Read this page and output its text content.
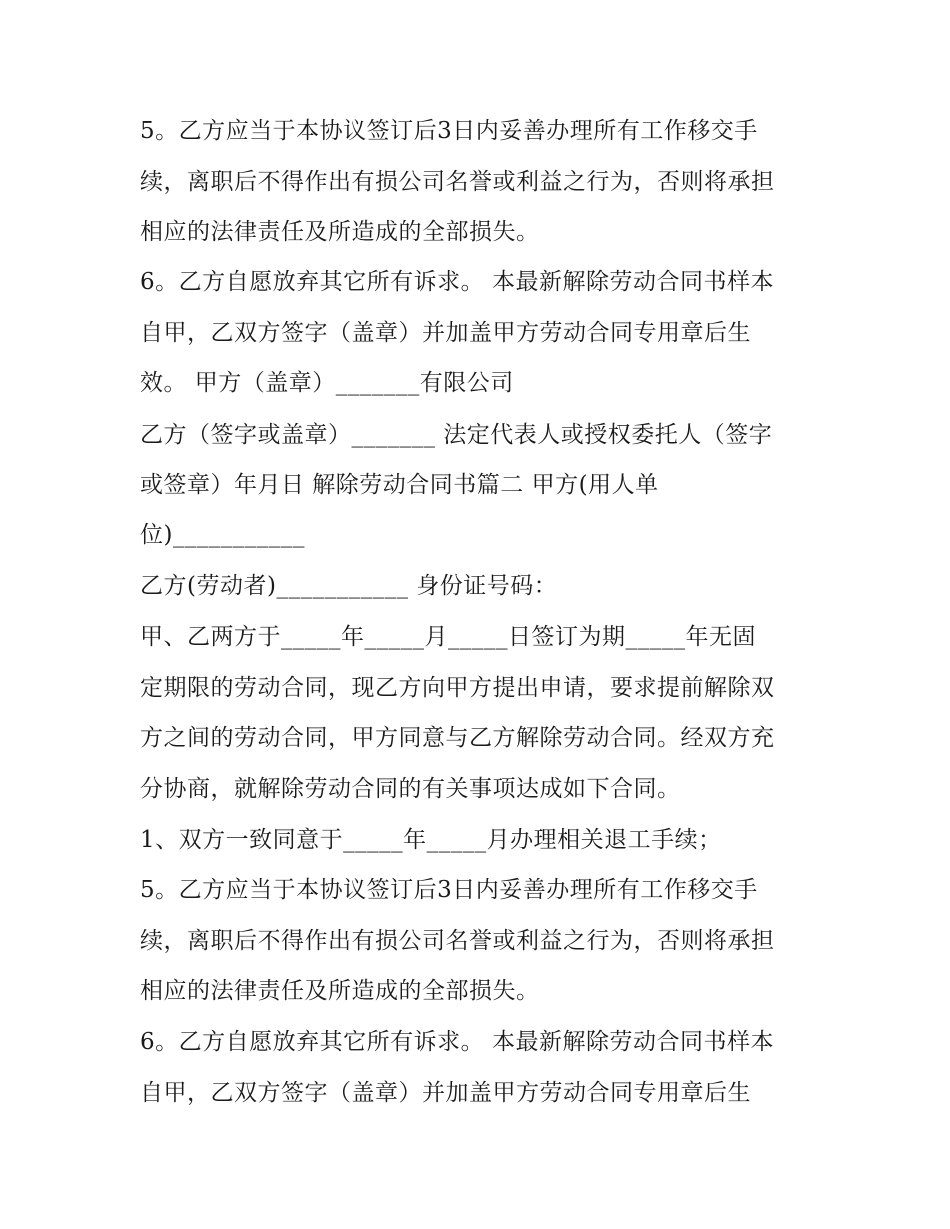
5。乙方应当于本协议签订后3日内妥善办理所有工作移交手
续，离职后不得作出有损公司名誉或利益之行为，否则将承担
相应的法律责任及所造成的全部损失。
6。乙方自愿放弃其它所有诉求。 本最新解除劳动合同书样本
自甲，乙双方签字（盖章）并加盖甲方劳动合同专用章后生
效。 甲方（盖章）_______有限公司
乙方（签字或盖章）_______ 法定代表人或授权委托人（签字
或签章）年月日 解除劳动合同书篇二 甲方(用人单
位)___________
乙方(劳动者)___________ 身份证号码：
甲、乙两方于_____年_____月_____日签订为期_____年无固
定期限的劳动合同，现乙方向甲方提出申请，要求提前解除双
方之间的劳动合同，甲方同意与乙方解除劳动合同。经双方充
分协商，就解除劳动合同的有关事项达成如下合同。
1、双方一致同意于_____年_____月办理相关退工手续；
5。乙方应当于本协议签订后3日内妥善办理所有工作移交手
续，离职后不得作出有损公司名誉或利益之行为，否则将承担
相应的法律责任及所造成的全部损失。
6。乙方自愿放弃其它所有诉求。 本最新解除劳动合同书样本
自甲，乙双方签字（盖章）并加盖甲方劳动合同专用章后生
